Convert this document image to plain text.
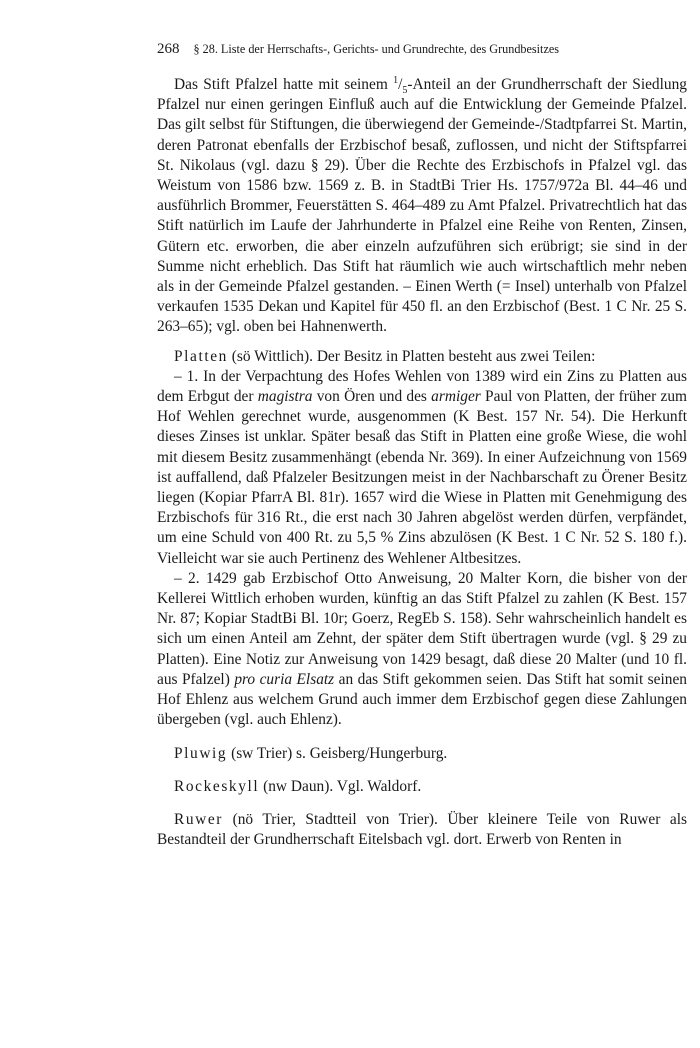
268 § 28. Liste der Herrschafts-, Gerichts- und Grundrechte, des Grundbesitzes

Das Stift Pfalzel hatte mit seinem $^1/_5$-Anteil an der Grundherrschaft der Siedlung Pfalzel nur einen geringen Einfluß auch auf die Entwicklung der Gemeinde Pfalzel. Das gilt selbst für Stiftungen, die überwiegend der Gemeinde-/Stadtpfarrei St. Martin, deren Patronat ebenfalls der Erzbischof besaß, zuflossen, und nicht der Stiftspfarrei St. Nikolaus (vgl. dazu § 29). Über die Rechte des Erzbischofs in Pfalzel vgl. das Weistum von 1586 bzw. 1569 z. B. in StadtBi Trier Hs. 1757/972a Bl. 44–46 und ausführlich Brommer, Feuerstätten S. 464–489 zu Amt Pfalzel. Privatrechtlich hat das Stift natürlich im Laufe der Jahrhunderte in Pfalzel eine Reihe von Renten, Zinsen, Gütern etc. erworben, die aber einzeln aufzuführen sich erübrigt; sie sind in der Summe nicht erheblich. Das Stift hat räumlich wie auch wirtschaftlich mehr neben als in der Gemeinde Pfalzel gestanden. – Einen Werth (= Insel) unterhalb von Pfalzel verkaufen 1535 Dekan und Kapitel für 450 fl. an den Erzbischof (Best. 1 C Nr. 25 S. 263–65); vgl. oben bei Hahnenwerth.

Platten (sö Wittlich). Der Besitz in Platten besteht aus zwei Teilen:

– 1. In der Verpachtung des Hofes Wehlen von 1389 wird ein Zins zu Platten aus dem Erbgut der magistra von Ören und des armiger Paul von Platten, der früher zum Hof Wehlen gerechnet wurde, ausgenommen (K Best. 157 Nr. 54). Die Herkunft dieses Zinses ist unklar. Später besaß das Stift in Platten eine große Wiese, die wohl mit diesem Besitz zusammenhängt (ebenda Nr. 369). In einer Aufzeichnung von 1569 ist auffallend, daß Pfalzeler Besitzungen meist in der Nachbarschaft zu Örener Besitz liegen (Kopiar PfarrA Bl. 81r). 1657 wird die Wiese in Platten mit Genehmigung des Erzbischofs für 316 Rt., die erst nach 30 Jahren abgelöst werden dürfen, verpfändet, um eine Schuld von 400 Rt. zu 5,5 % Zins abzulösen (K Best. 1 C Nr. 52 S. 180 f.). Vielleicht war sie auch Pertinenz des Wehlener Altbesitzes.

– 2. 1429 gab Erzbischof Otto Anweisung, 20 Malter Korn, die bisher von der Kellerei Wittlich erhoben wurden, künftig an das Stift Pfalzel zu zahlen (K Best. 157 Nr. 87; Kopiar StadtBi Bl. 10r; Goerz, RegEb S. 158). Sehr wahrscheinlich handelt es sich um einen Anteil am Zehnt, der später dem Stift übertragen wurde (vgl. § 29 zu Platten). Eine Notiz zur Anweisung von 1429 besagt, daß diese 20 Malter (und 10 fl. aus Pfalzel) pro curia Elsatz an das Stift gekommen seien. Das Stift hat somit seinen Hof Ehlenz aus welchem Grund auch immer dem Erzbischof gegen diese Zahlungen übergeben (vgl. auch Ehlenz).

Pluwig (sw Trier) s. Geisberg/Hungerburg.

Rockeskyll (nw Daun). Vgl. Waldorf.

Ruwer (nö Trier, Stadtteil von Trier). Über kleinere Teile von Ruwer als Bestandteil der Grundherrschaft Eitelsbach vgl. dort. Erwerb von Renten in
